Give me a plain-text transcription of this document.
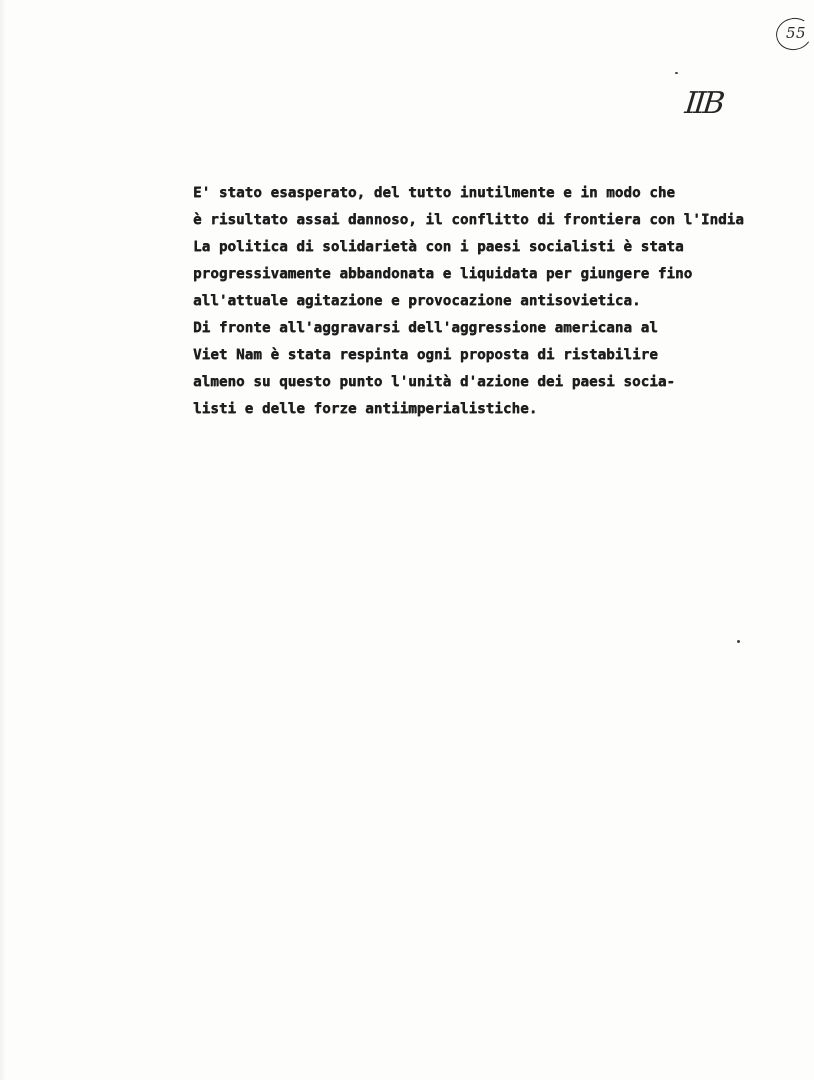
55
IIB
E' stato esasperato, del tutto inutilmente e in modo che
è risultato assai dannoso, il conflitto di frontiera con l'India
La politica di solidarietà con i paesi socialisti è stata
progressivamente abbandonata e liquidata per giungere fino
all'attuale agitazione e provocazione antisovietica.
Di fronte all'aggravarsi dell'aggressione americana al
Viet Nam è stata respinta ogni proposta di ristabilire
almeno su questo punto l'unità d'azione dei paesi socia-
listi e delle forze antiimperialistiche.
